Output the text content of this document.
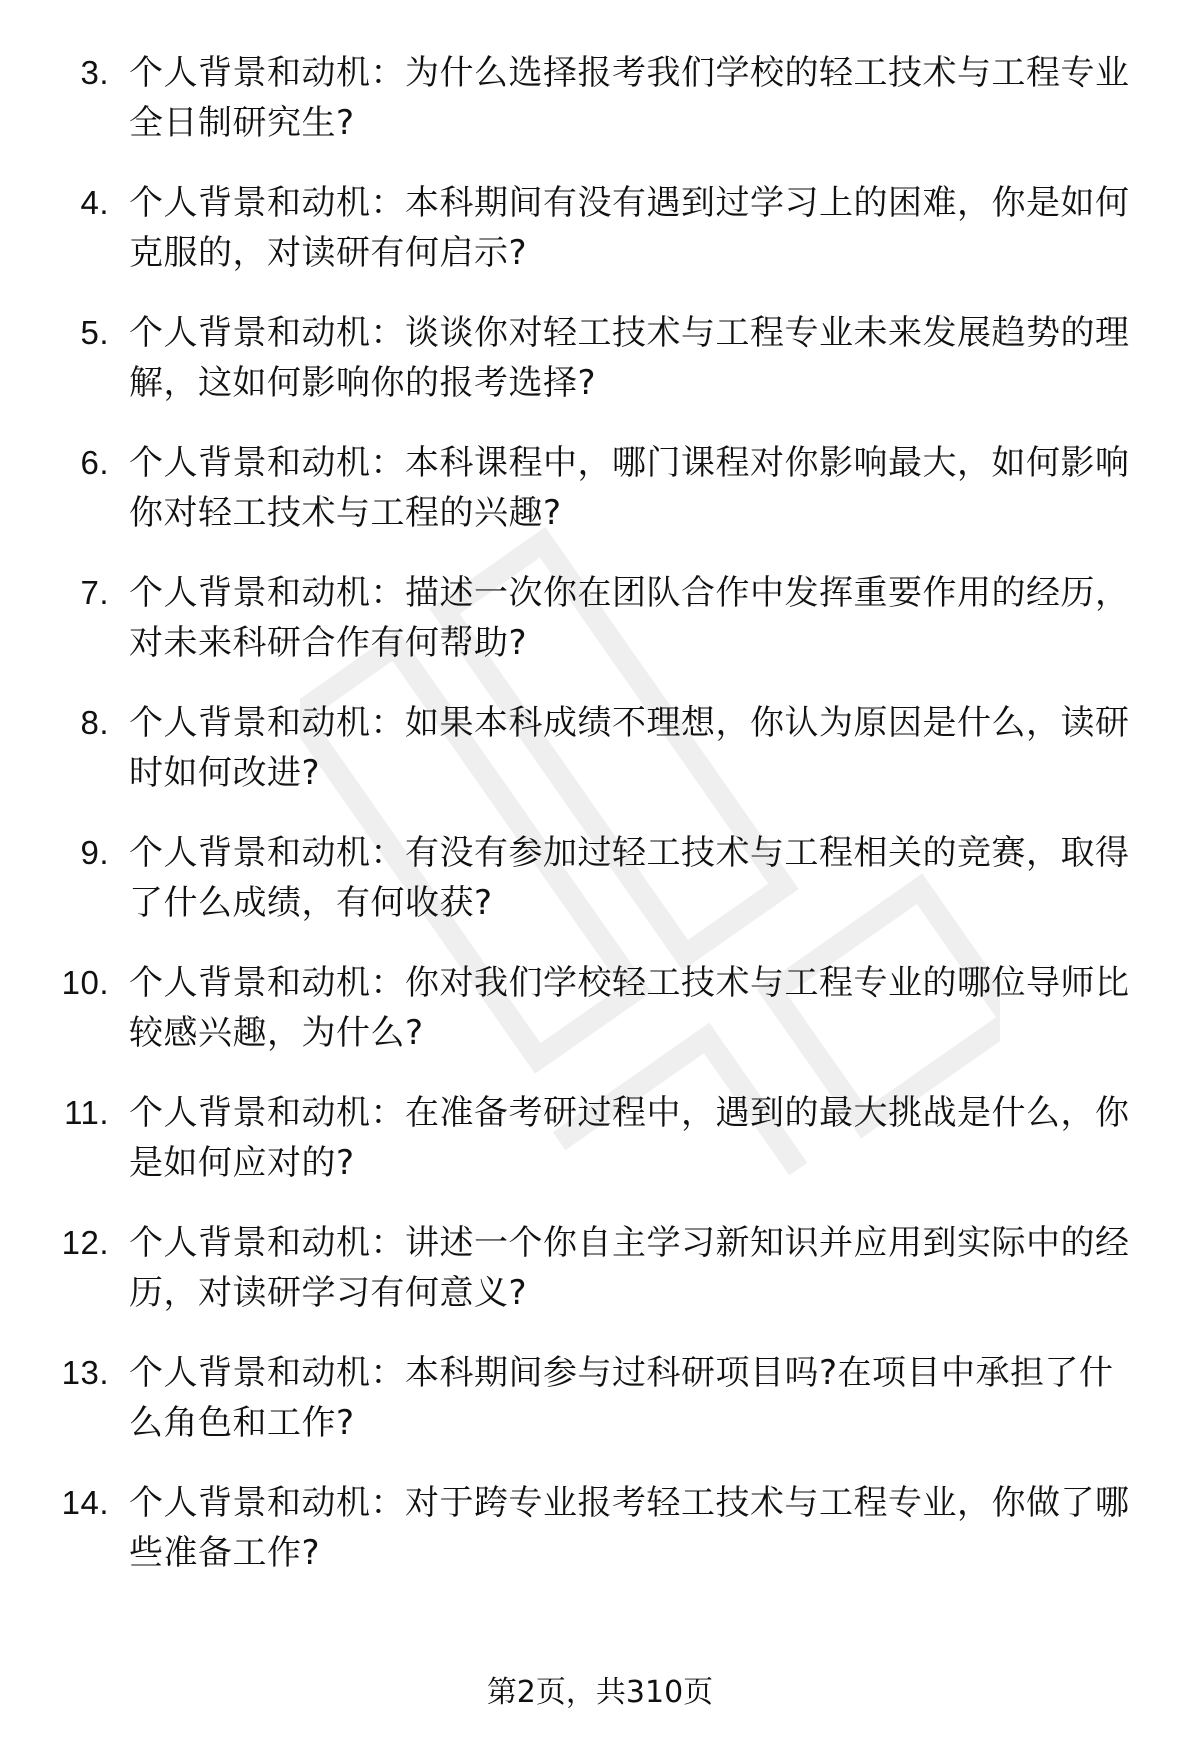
3. 个人背景和动机：为什么选择报考我们学校的轻工技术与工程专业全日制研究生?
4. 个人背景和动机：本科期间有没有遇到过学习上的困难，你是如何克服的，对读研有何启示?
5. 个人背景和动机：谈谈你对轻工技术与工程专业未来发展趋势的理解，这如何影响你的报考选择?
6. 个人背景和动机：本科课程中，哪门课程对你影响最大，如何影响你对轻工技术与工程的兴趣?
7. 个人背景和动机：描述一次你在团队合作中发挥重要作用的经历，对未来科研合作有何帮助?
8. 个人背景和动机：如果本科成绩不理想，你认为原因是什么，读研时如何改进?
9. 个人背景和动机：有没有参加过轻工技术与工程相关的竞赛，取得了什么成绩，有何收获?
10. 个人背景和动机：你对我们学校轻工技术与工程专业的哪位导师比较感兴趣，为什么?
11. 个人背景和动机：在准备考研过程中，遇到的最大挑战是什么，你是如何应对的?
12. 个人背景和动机：讲述一个你自主学习新知识并应用到实际中的经历，对读研学习有何意义?
13. 个人背景和动机：本科期间参与过科研项目吗?在项目中承担了什么角色和工作?
14. 个人背景和动机：对于跨专业报考轻工技术与工程专业，你做了哪些准备工作?
第2页，共310页
